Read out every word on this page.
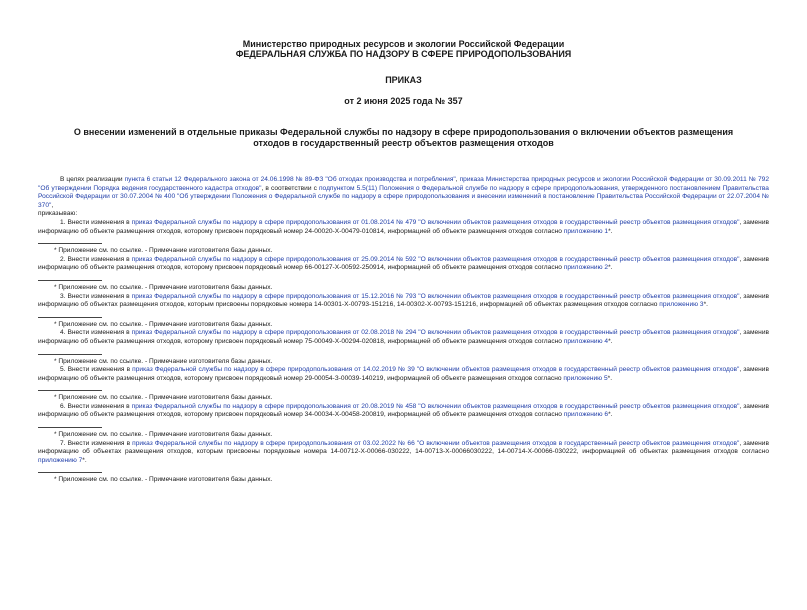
Министерство природных ресурсов и экологии Российской Федерации
ФЕДЕРАЛЬНАЯ СЛУЖБА ПО НАДЗОРУ В СФЕРЕ ПРИРОДОПОЛЬЗОВАНИЯ
ПРИКАЗ
от 2 июня 2025 года № 357
О внесении изменений в отдельные приказы Федеральной службы по надзору в сфере природопользования о включении объектов размещения отходов в государственный реестр объектов размещения отходов

В целях реализации пункта 6 статьи 12 Федерального закона от 24.06.1998 № 89-ФЗ "Об отходах производства и потребления", приказа Министерства природных ресурсов и экологии Российской Федерации от 30.09.2011 № 792 "Об утверждении Порядка ведения государственного кадастра отходов", в соответствии с подпунктом 5.5(11) Положения о Федеральной службе по надзору в сфере природопользования, утвержденного постановлением Правительства Российской Федерации от 30.07.2004 № 400 "Об утверждении Положения о Федеральной службе по надзору в сфере природопользования и внесении изменений в постановление Правительства Российской Федерации от 22.07.2004 № 370",

приказываю:

1. Внести изменения в приказ Федеральной службы по надзору в сфере природопользования от 01.08.2014 № 479 "О включении объектов размещения отходов в государственный реестр объектов размещения отходов", заменив информацию об объекте размещения отходов, которому присвоен порядковый номер 24-00020-Х-00479-010814, информацией об объекте размещения отходов согласно приложению 1*.

* Приложение см. по ссылке. - Примечание изготовителя базы данных.

2. Внести изменения в приказ Федеральной службы по надзору в сфере природопользования от 25.09.2014 № 592 "О включении объектов размещения отходов в государственный реестр объектов размещения отходов", заменив информацию об объекте размещения отходов, которому присвоен порядковый номер 66-00127-Х-00592-250914, информацией об объекте размещения отходов согласно приложению 2*.

* Приложение см. по ссылке. - Примечание изготовителя базы данных.

3. Внести изменения в приказ Федеральной службы по надзору в сфере природопользования от 15.12.2016 № 793 "О включении объектов размещения отходов в государственный реестр объектов размещения отходов", заменив информацию об объектах размещения отходов, которым присвоены порядковые номера 14-00301-Х-00793-151216, 14-00302-Х-00793-151216, информацией об объектах размещения отходов согласно приложению 3*.

* Приложение см. по ссылке. - Примечание изготовителя базы данных.

4. Внести изменения в приказ Федеральной службы по надзору в сфере природопользования от 02.08.2018 № 294 "О включении объектов размещения отходов в государственный реестр объектов размещения отходов", заменив информацию об объекте размещения отходов, которому присвоен порядковый номер 75-00049-Х-00294-020818, информацией об объекте размещения отходов согласно приложению 4*.

* Приложение см. по ссылке. - Примечание изготовителя базы данных.

5. Внести изменения в приказ Федеральной службы по надзору в сфере природопользования от 14.02.2019 № 39 "О включении объектов размещения отходов в государственный реестр объектов размещения отходов", заменив информацию об объекте размещения отходов, которому присвоен порядковый номер 29-00054-З-00039-140219, информацией об объекте размещения отходов согласно приложению 5*.

* Приложение см. по ссылке. - Примечание изготовителя базы данных.

6. Внести изменения в приказ Федеральной службы по надзору в сфере природопользования от 20.08.2019 № 458 "О включении объектов размещения отходов в государственный реестр объектов размещения отходов", заменив информацию об объекте размещения отходов, которому присвоен порядковый номер 34-00034-Х-00458-200819, информацией об объекте размещения отходов согласно приложению 6*.

* Приложение см. по ссылке. - Примечание изготовителя базы данных.

7. Внести изменения в приказ Федеральной службы по надзору в сфере природопользования от 03.02.2022 № 66 "О включении объектов размещения отходов в государственный реестр объектов размещения отходов", заменив информацию об объектах размещения отходов, которым присвоены порядковые номера 14-00712-Х-00066-030222, 14-00713-Х-00066030222, 14-00714-Х-00066-030222, информацией об объектах размещения отходов согласно приложению 7*.

* Приложение см. по ссылке. - Примечание изготовителя базы данных.
